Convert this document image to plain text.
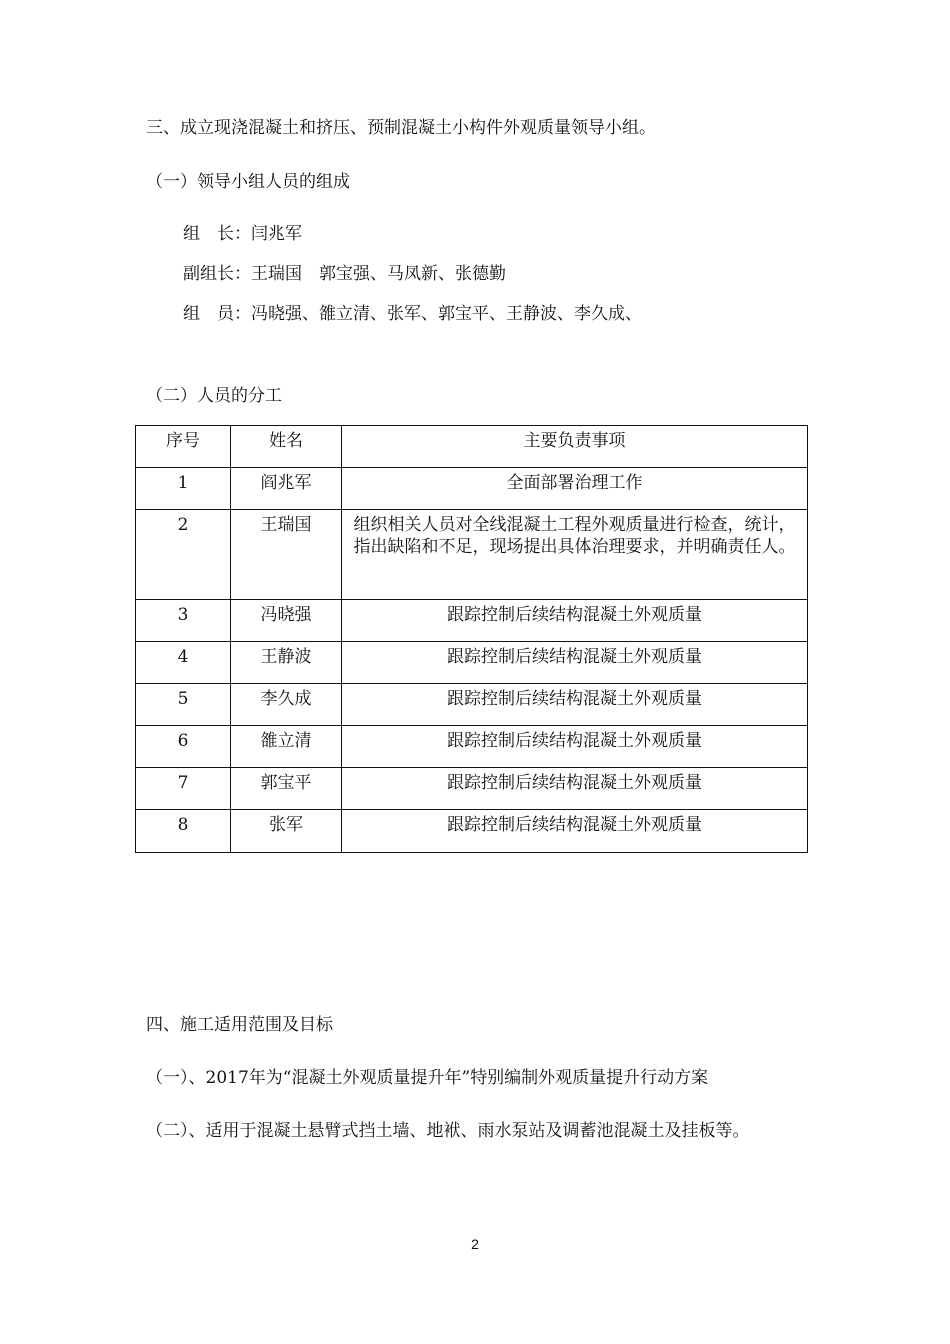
三、成立现浇混凝土和挤压、预制混凝土小构件外观质量领导小组。
（一）领导小组人员的组成
组　长：闫兆军
副组长：王瑞国　郭宝强、马凤新、张德勤
组　员：冯晓强、雒立清、张军、郭宝平、王静波、李久成、
（二）人员的分工
序号	姓名	主要负责事项
1	阎兆军	全面部署治理工作
2	王瑞国	组织相关人员对全线混凝土工程外观质量进行检查，统计，指出缺陷和不足，现场提出具体治理要求，并明确责任人。
3	冯晓强	跟踪控制后续结构混凝土外观质量
4	王静波	跟踪控制后续结构混凝土外观质量
5	李久成	跟踪控制后续结构混凝土外观质量
6	雒立清	跟踪控制后续结构混凝土外观质量
7	郭宝平	跟踪控制后续结构混凝土外观质量
8	张军	跟踪控制后续结构混凝土外观质量
四、施工适用范围及目标
（一）、2017年为“混凝土外观质量提升年”特别编制外观质量提升行动方案
（二）、适用于混凝土悬臂式挡土墙、地袱、雨水泵站及调蓄池混凝土及挂板等。
2
